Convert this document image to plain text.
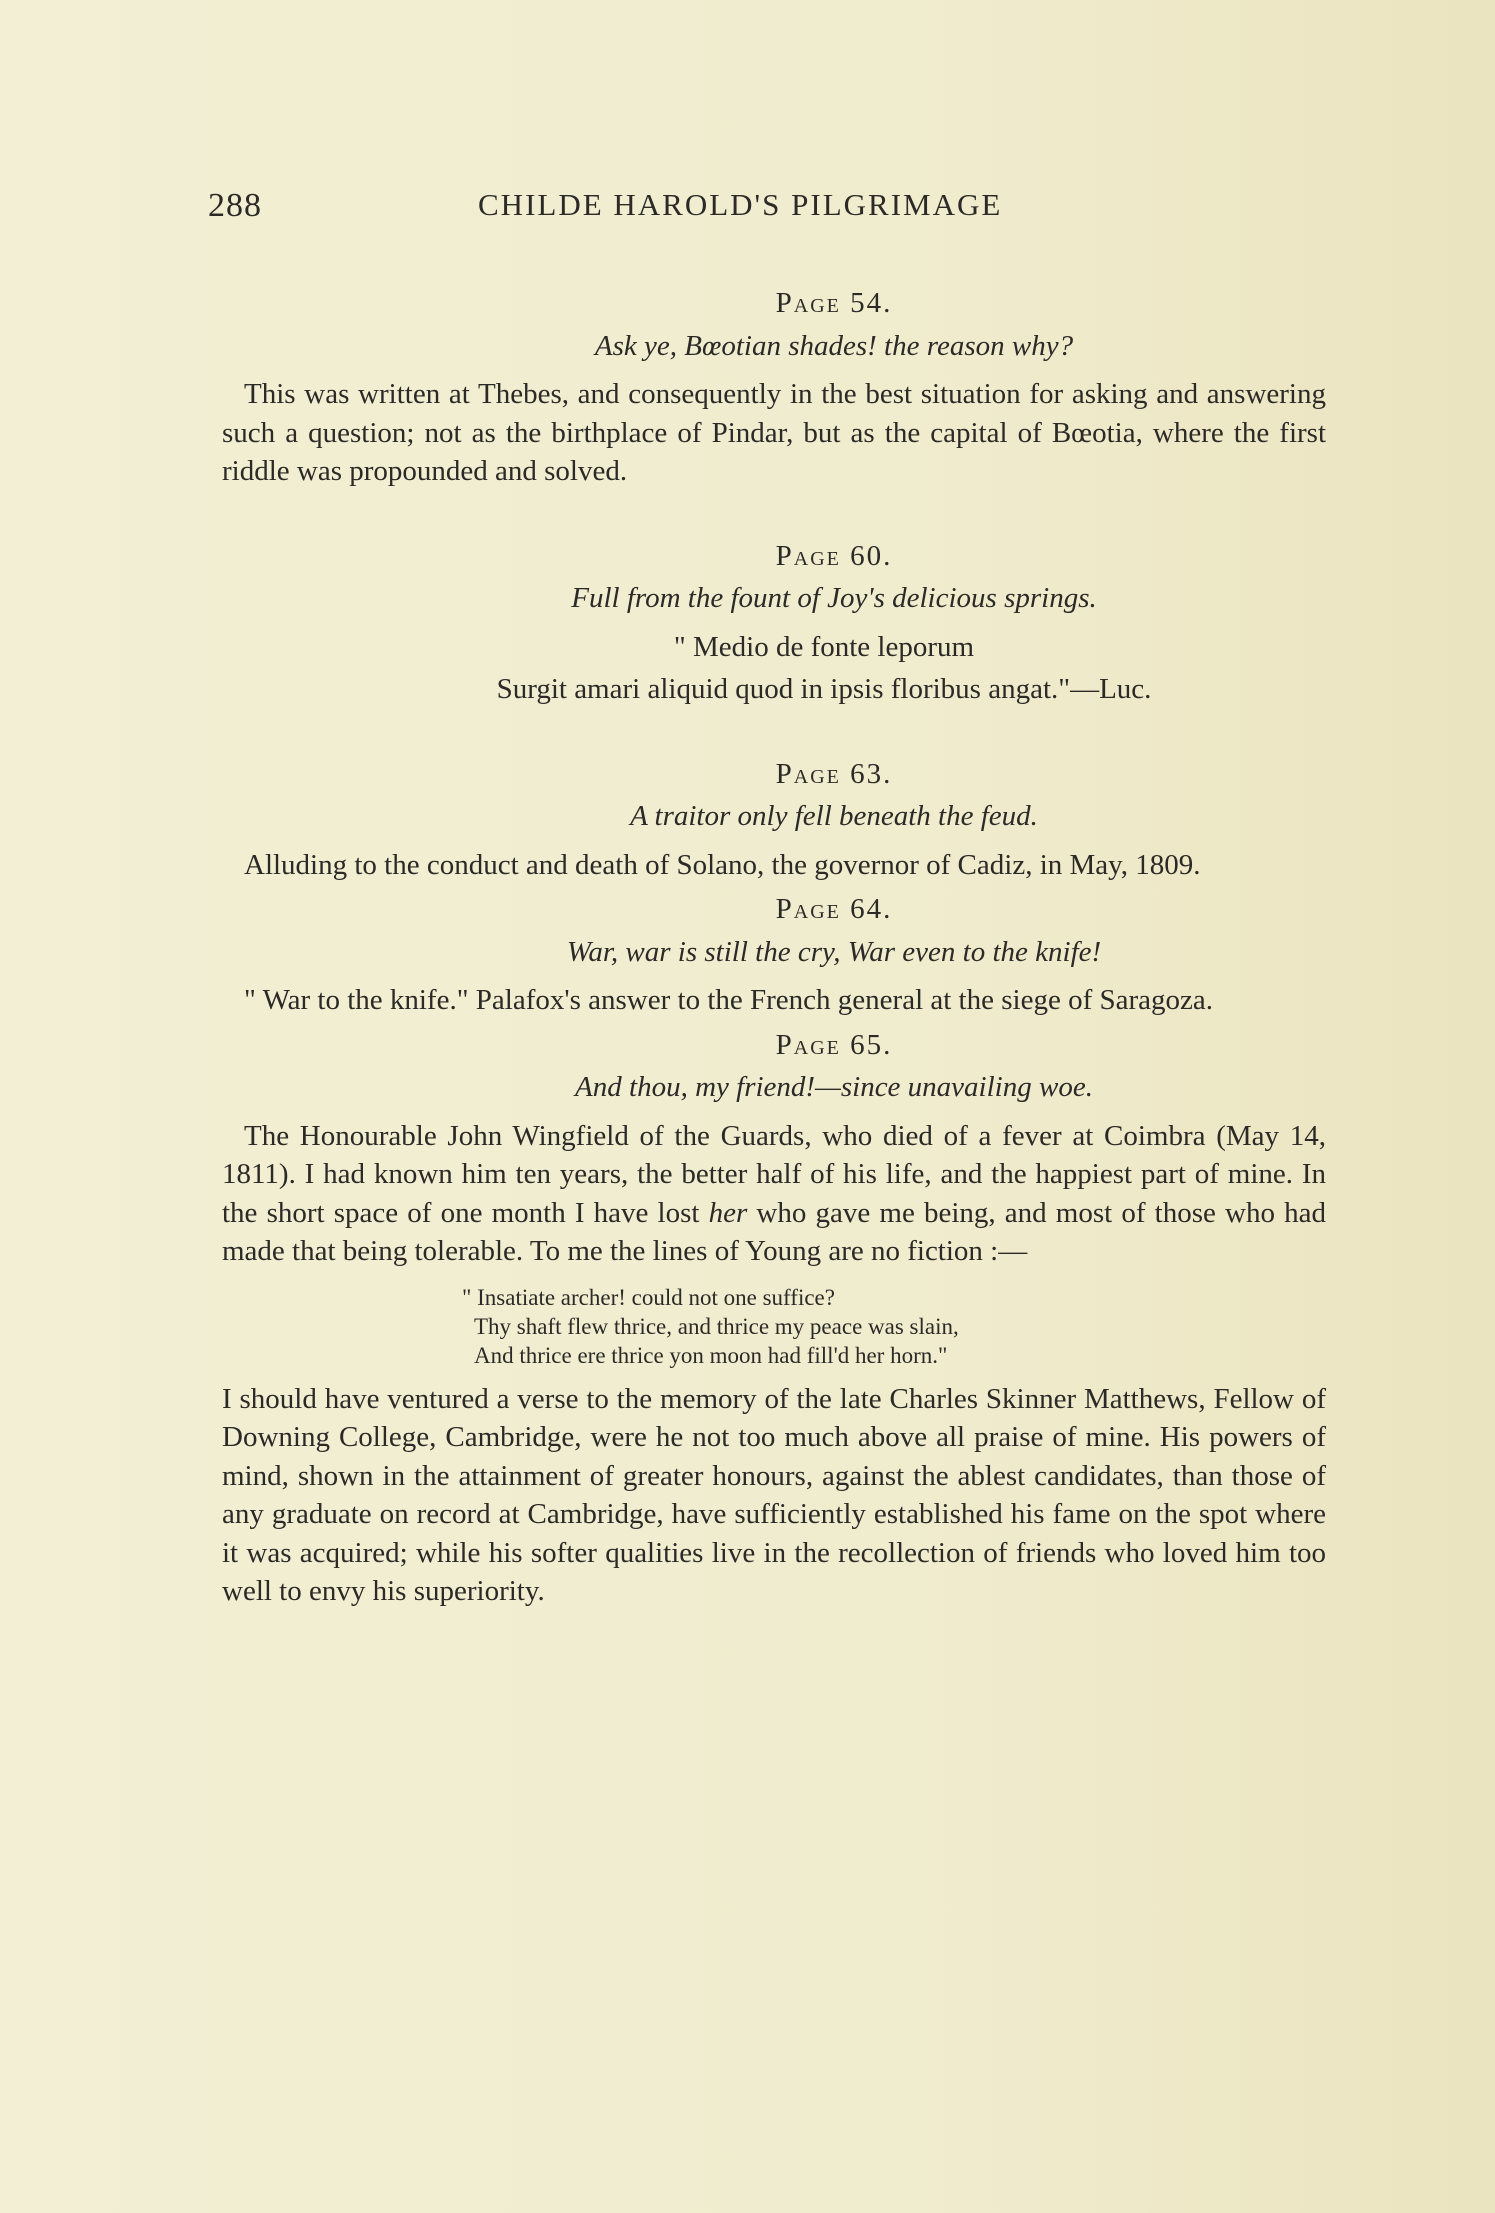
288	CHILDE HAROLD'S PILGRIMAGE

Page 54.

Ask ye, Bœotian shades! the reason why?

This was written at Thebes, and consequently in the best situation for asking and answering such a question; not as the birthplace of Pindar, but as the capital of Bœotia, where the first riddle was propounded and solved.

Page 60.

Full from the fount of Joy's delicious springs.

" Medio de fonte leporum

Surgit amari aliquid quod in ipsis floribus angat."—Luc.

Page 63.

A traitor only fell beneath the feud.

Alluding to the conduct and death of Solano, the governor of Cadiz, in May, 1809.

Page 64.

War, war is still the cry, War even to the knife!

" War to the knife." Palafox's answer to the French general at the siege of Saragoza.

Page 65.

And thou, my friend!—since unavailing woe.

The Honourable John Wingfield of the Guards, who died of a fever at Coimbra (May 14, 1811). I had known him ten years, the better half of his life, and the happiest part of mine. In the short space of one month I have lost her who gave me being, and most of those who had made that being tolerable. To me the lines of Young are no fiction :—

" Insatiate archer! could not one suffice?
Thy shaft flew thrice, and thrice my peace was slain,
And thrice ere thrice yon moon had fill'd her horn."

I should have ventured a verse to the memory of the late Charles Skinner Matthews, Fellow of Downing College, Cambridge, were he not too much above all praise of mine. His powers of mind, shown in the attainment of greater honours, against the ablest candidates, than those of any graduate on record at Cambridge, have sufficiently established his fame on the spot where it was acquired; while his softer qualities live in the recollection of friends who loved him too well to envy his superiority.
